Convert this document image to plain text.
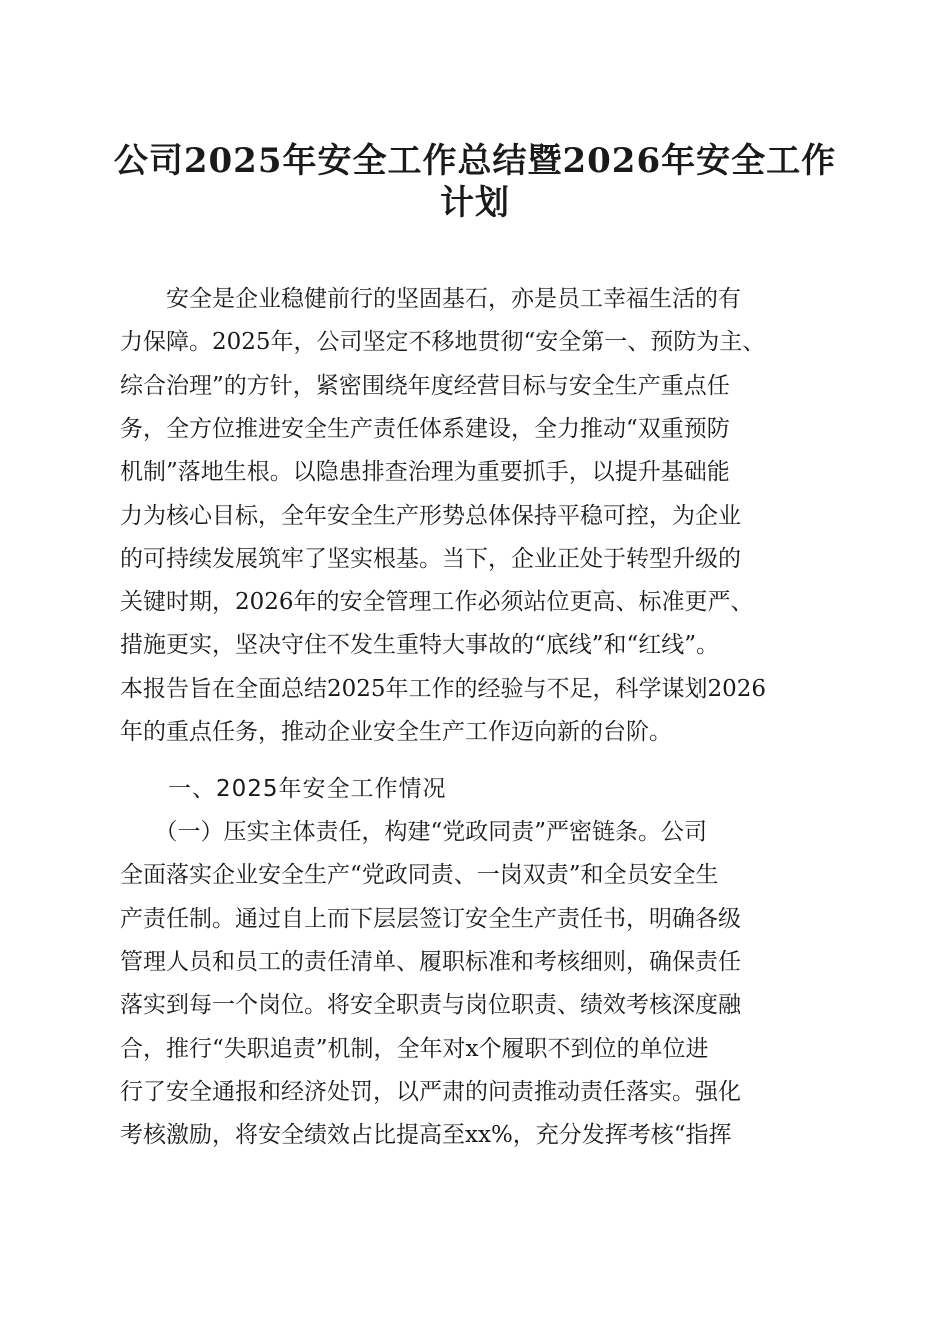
公司2025年安全工作总结暨2026年安全工作
计划
　　安全是企业稳健前行的坚固基石，亦是员工幸福生活的有
力保障。2025年，公司坚定不移地贯彻“安全第一、预防为主、
综合治理”的方针，紧密围绕年度经营目标与安全生产重点任
务，全方位推进安全生产责任体系建设，全力推动“双重预防
机制”落地生根。以隐患排查治理为重要抓手，以提升基础能
力为核心目标，全年安全生产形势总体保持平稳可控，为企业
的可持续发展筑牢了坚实根基。当下，企业正处于转型升级的
关键时期，2026年的安全管理工作必须站位更高、标准更严、
措施更实，坚决守住不发生重特大事故的“底线”和“红线”。
本报告旨在全面总结2025年工作的经验与不足，科学谋划2026
年的重点任务，推动企业安全生产工作迈向新的台阶。
一、2025年安全工作情况
　　（一）压实主体责任，构建“党政同责”严密链条。公司
全面落实企业安全生产“党政同责、一岗双责”和全员安全生
产责任制。通过自上而下层层签订安全生产责任书，明确各级
管理人员和员工的责任清单、履职标准和考核细则，确保责任
落实到每一个岗位。将安全职责与岗位职责、绩效考核深度融
合，推行“失职追责”机制，全年对x个履职不到位的单位进
行了安全通报和经济处罚，以严肃的问责推动责任落实。强化
考核激励，将安全绩效占比提高至xx%，充分发挥考核“指挥
